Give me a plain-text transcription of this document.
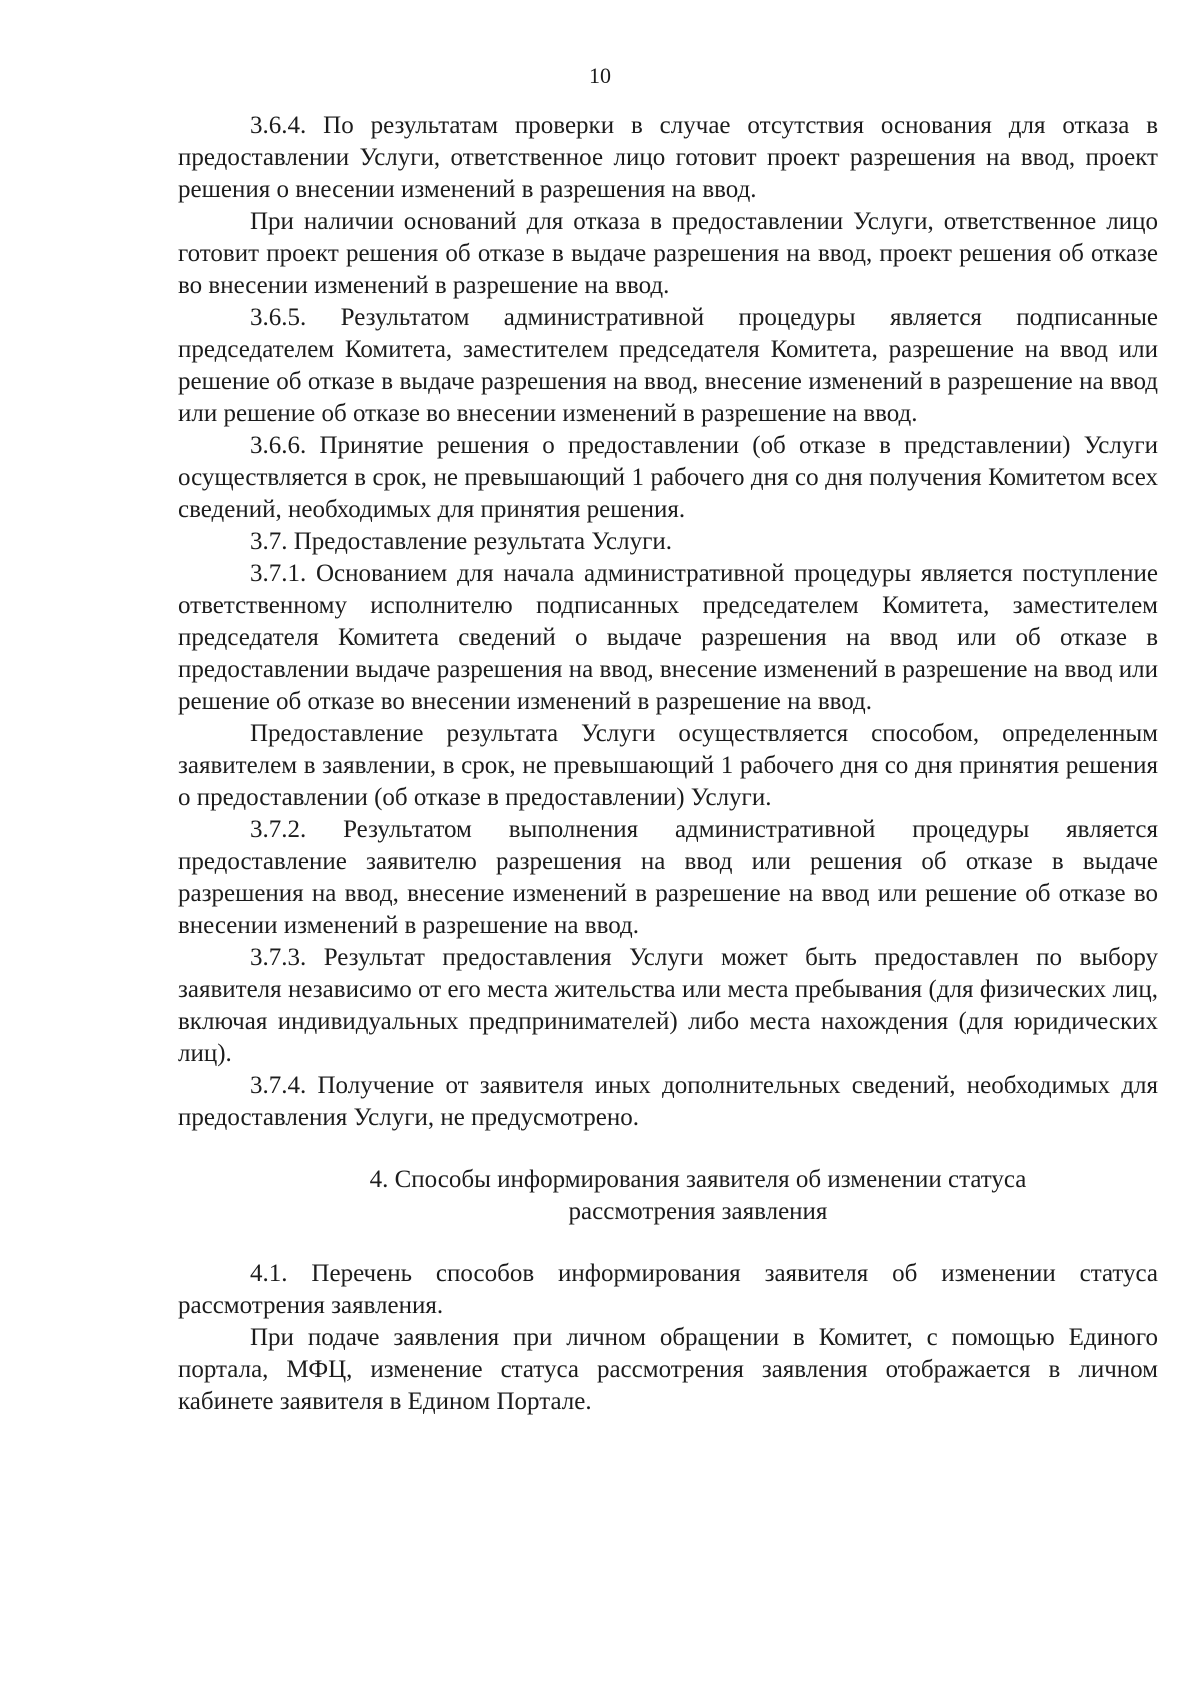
10

3.6.4. По результатам проверки в случае отсутствия основания для отказа в предоставлении Услуги, ответственное лицо готовит проект разрешения на ввод, проект решения о внесении изменений в разрешения на ввод.

При наличии оснований для отказа в предоставлении Услуги, ответственное лицо готовит проект решения об отказе в выдаче разрешения на ввод, проект решения об отказе во внесении изменений в разрешение на ввод.

3.6.5. Результатом административной процедуры является подписанные председателем Комитета, заместителем председателя Комитета, разрешение на ввод или решение об отказе в выдаче разрешения на ввод, внесение изменений в разрешение на ввод или решение об отказе во внесении изменений в разрешение на ввод.

3.6.6. Принятие решения о предоставлении (об отказе в представлении) Услуги осуществляется в срок, не превышающий 1 рабочего дня со дня получения Комитетом всех сведений, необходимых для принятия решения.

3.7. Предоставление результата Услуги.

3.7.1. Основанием для начала административной процедуры является поступление ответственному исполнителю подписанных председателем Комитета, заместителем председателя Комитета сведений о выдаче разрешения на ввод или об отказе в предоставлении выдаче разрешения на ввод, внесение изменений в разрешение на ввод или решение об отказе во внесении изменений в разрешение на ввод.

Предоставление результата Услуги осуществляется способом, определенным заявителем в заявлении, в срок, не превышающий 1 рабочего дня со дня принятия решения о предоставлении (об отказе в предоставлении) Услуги.

3.7.2. Результатом выполнения административной процедуры является предоставление заявителю разрешения на ввод или решения об отказе в выдаче разрешения на ввод, внесение изменений в разрешение на ввод или решение об отказе во внесении изменений в разрешение на ввод.

3.7.3. Результат предоставления Услуги может быть предоставлен по выбору заявителя независимо от его места жительства или места пребывания (для физических лиц, включая индивидуальных предпринимателей) либо места нахождения (для юридических лиц).

3.7.4. Получение от заявителя иных дополнительных сведений, необходимых для предоставления Услуги, не предусмотрено.

4. Способы информирования заявителя об изменении статуса
рассмотрения заявления

4.1. Перечень способов информирования заявителя об изменении статуса рассмотрения заявления.

При подаче заявления при личном обращении в Комитет, с помощью Единого портала, МФЦ, изменение статуса рассмотрения заявления отображается в личном кабинете заявителя в Едином Портале.
